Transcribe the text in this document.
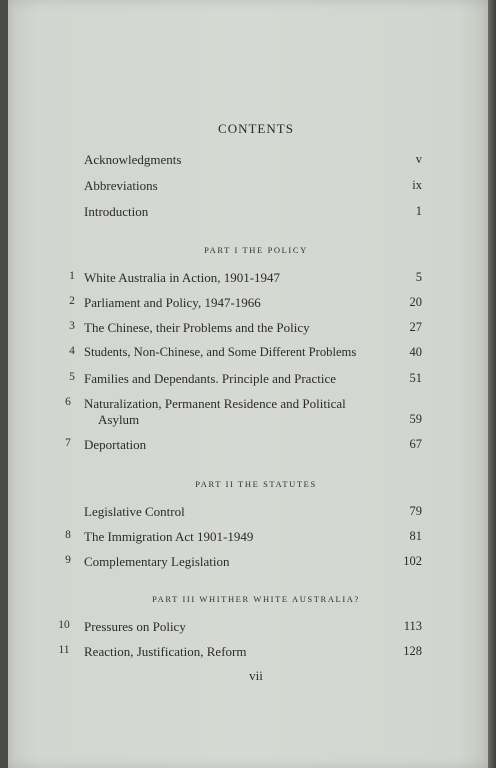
CONTENTS
Acknowledgments	v
Abbreviations	ix
Introduction	1
PART I THE POLICY
1 White Australia in Action, 1901-1947	5
2 Parliament and Policy, 1947-1966	20
3 The Chinese, their Problems and the Policy	27
4 Students, Non-Chinese, and Some Different Problems	40
5 Families and Dependants. Principle and Practice	51
6	Naturalization, Permanent Residence and Political
Asylum	59
7	Deportation	67
PART II THE STATUTES
Legislative Control	79
8	The Immigration Act 1901-1949	81
9	Complementary Legislation	102
PART III WHITHER WHITE AUSTRALIA?
10	Pressures on Policy	113
11	Reaction, Justification, Reform	128
vii
